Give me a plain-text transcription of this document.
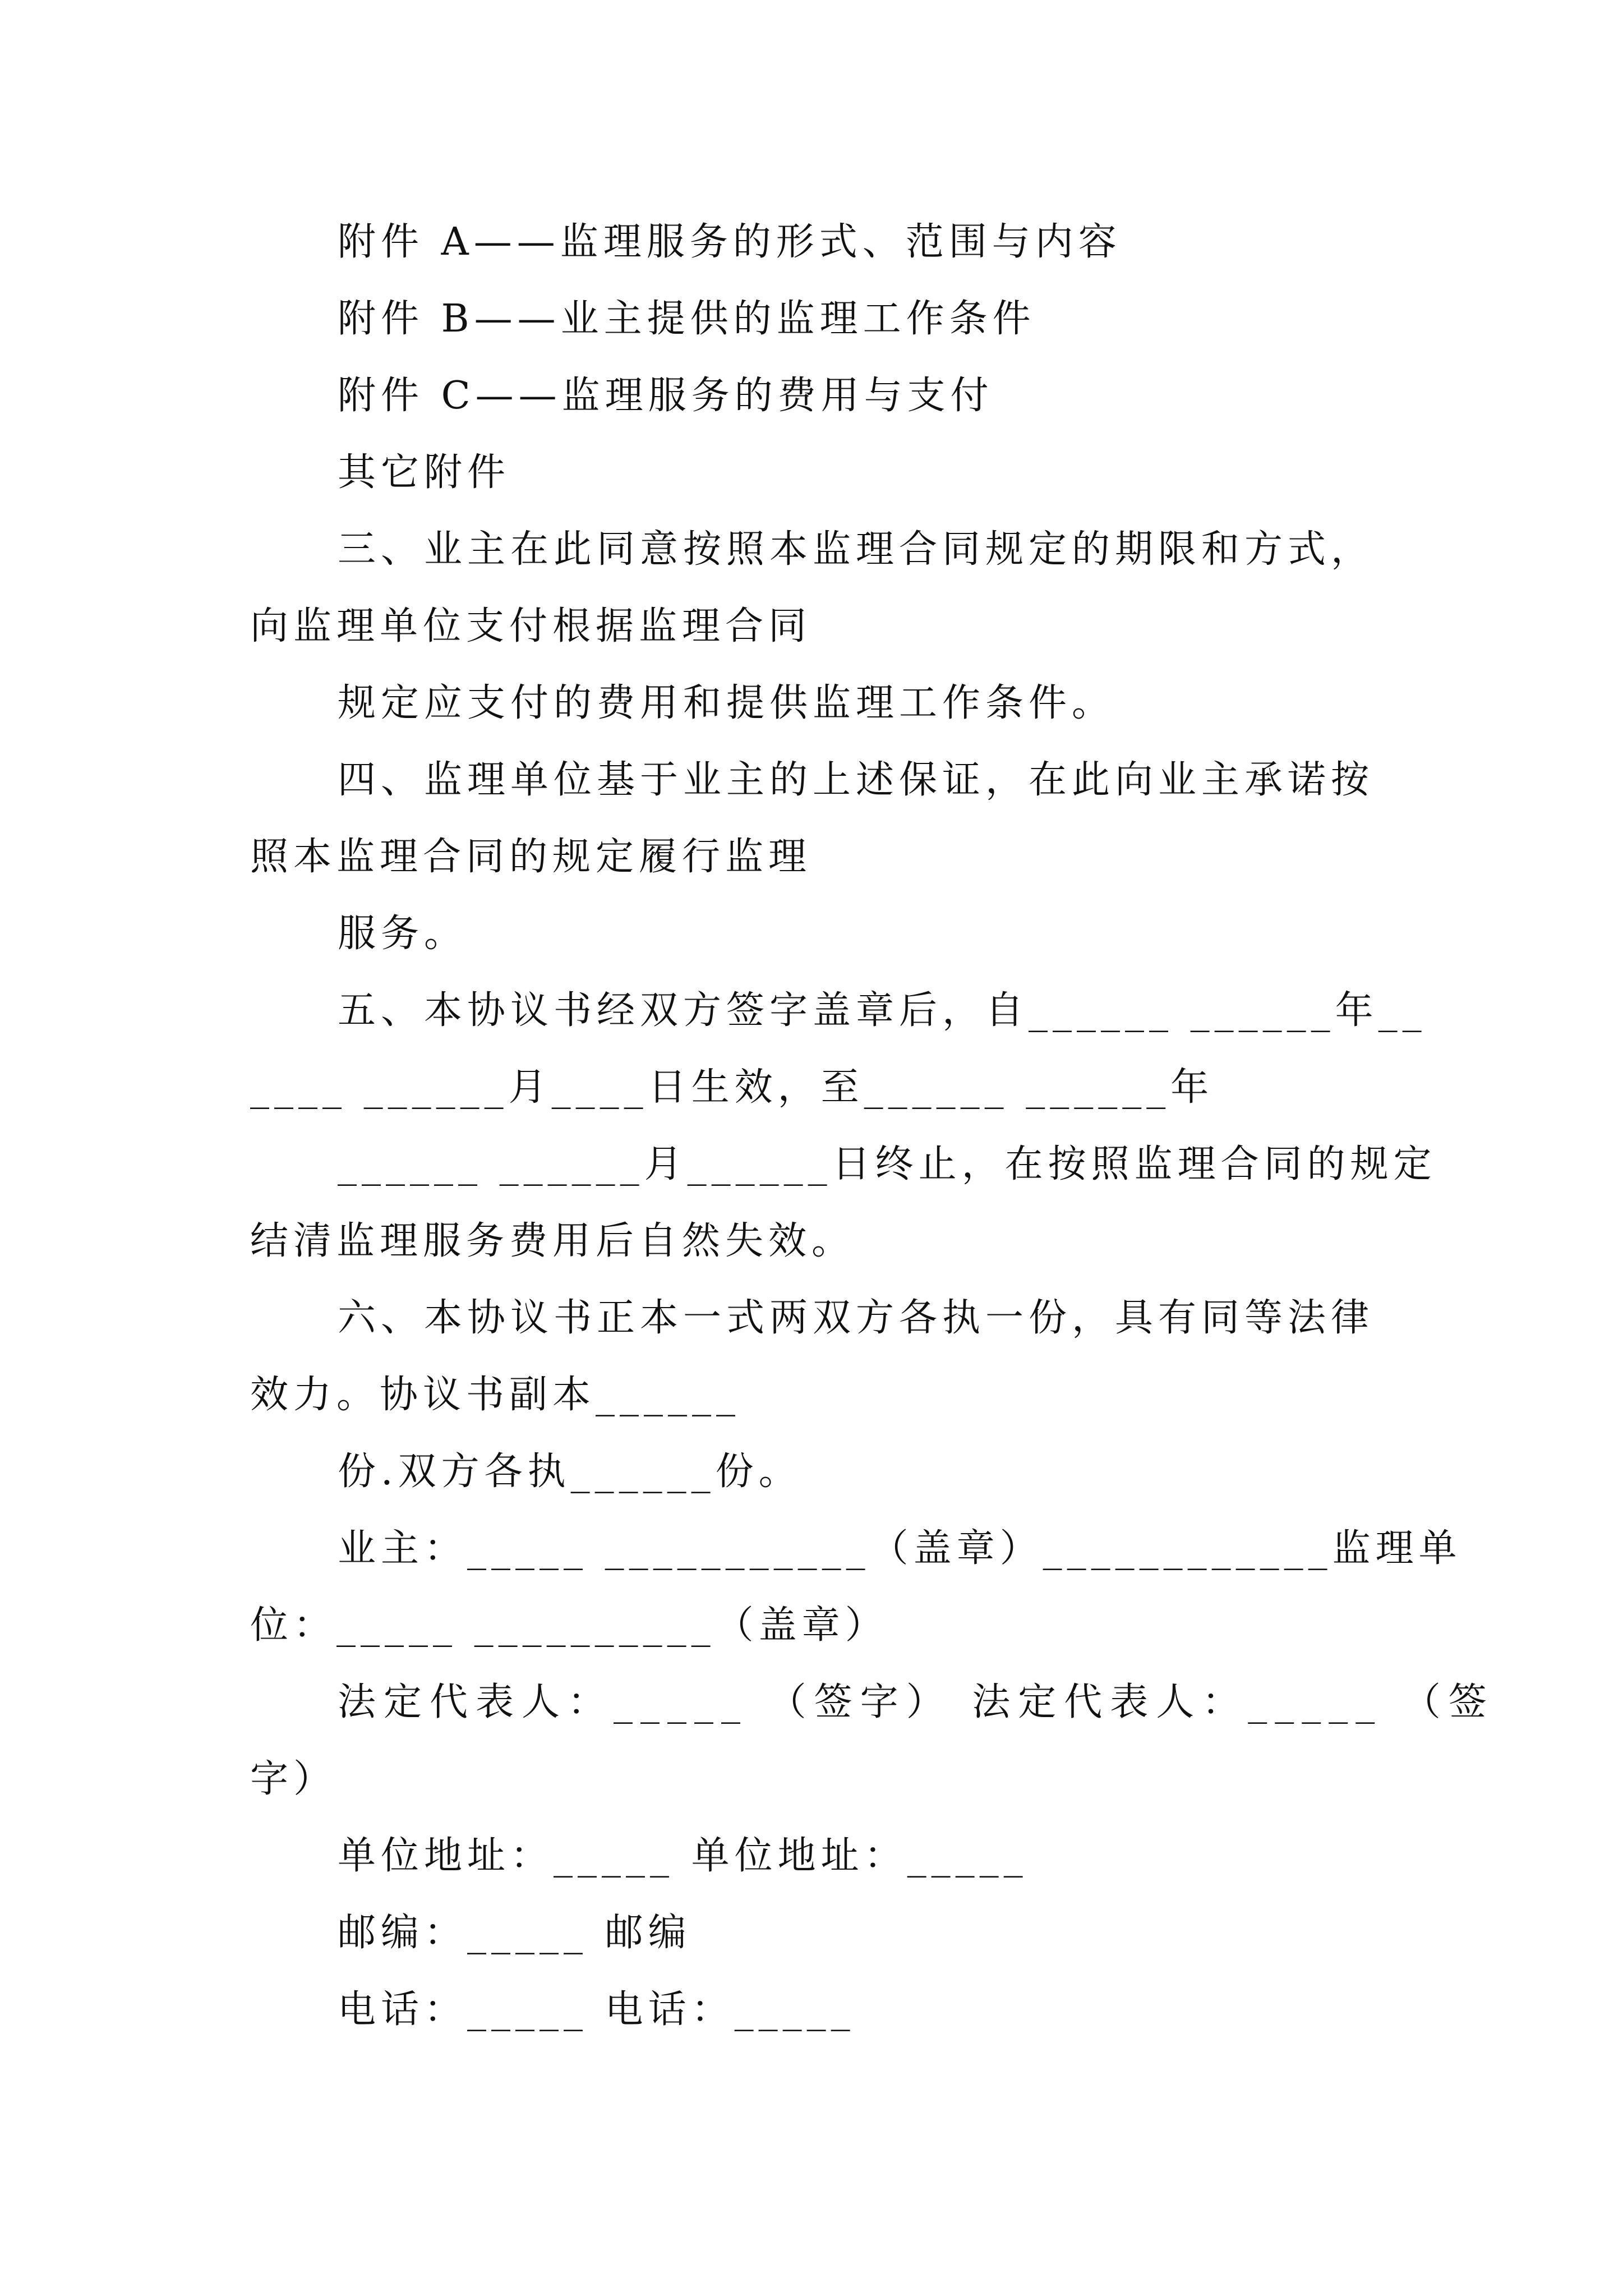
附件 A——监理服务的形式、范围与内容
附件 B——业主提供的监理工作条件
附件 C——监理服务的费用与支付
其它附件
三、业主在此同意按照本监理合同规定的期限和方式，
向监理单位支付根据监理合同
规定应支付的费用和提供监理工作条件。
四、监理单位基于业主的上述保证，在此向业主承诺按
照本监理合同的规定履行监理
服务。
五、本协议书经双方签字盖章后，自______ ______年__
____ ______月____日生效，至______ ______年
______ ______月______日终止，在按照监理合同的规定
结清监理服务费用后自然失效。
六、本协议书正本一式两双方各执一份，具有同等法律
效力。协议书副本______
份.双方各执______份。
业主：_____ ___________（盖章）____________监理单
位：_____ __________（盖章）
法定代表人：_____ （签字） 法定代表人：_____ （签
字）
单位地址：_____ 单位地址：_____
邮编：_____ 邮编
电话：_____ 电话：_____
